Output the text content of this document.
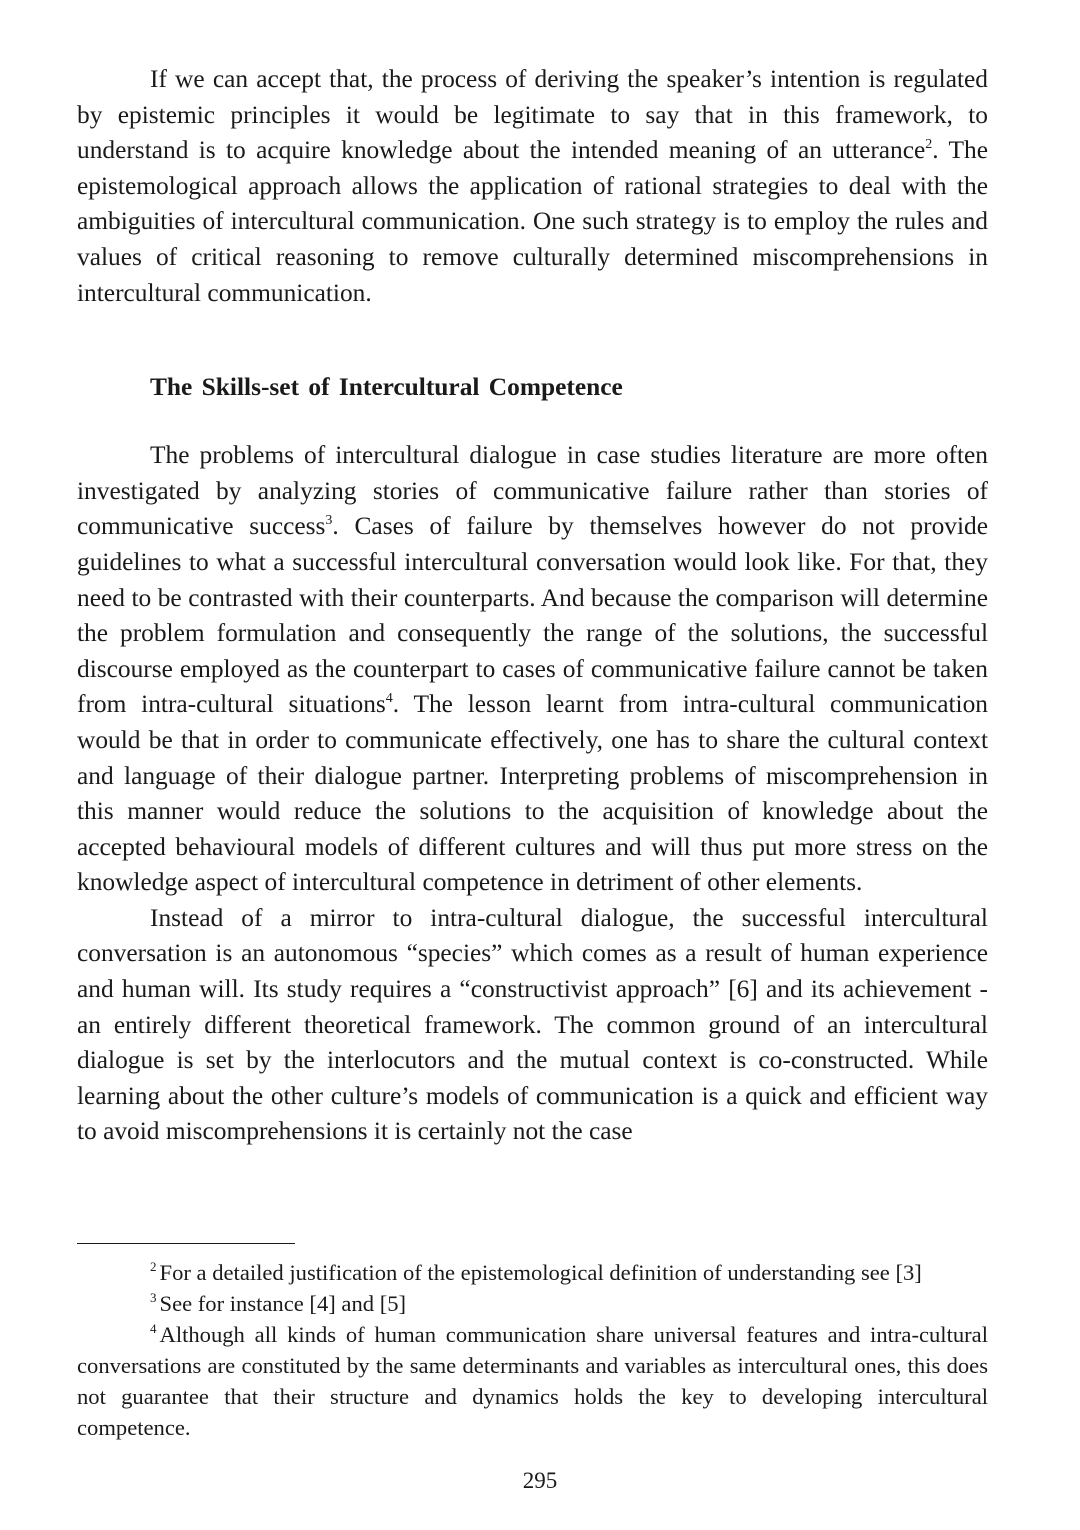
If we can accept that, the process of deriving the speaker’s intention is regulated by epistemic principles it would be legitimate to say that in this framework, to understand is to acquire knowledge about the intended meaning of an utterance$^2$. The epistemological approach allows the application of rational strategies to deal with the ambiguities of intercultural communication. One such strategy is to employ the rules and values of critical reasoning to remove culturally determined miscomprehensions in intercultural communication.

The Skills-set of Intercultural Competence

The problems of intercultural dialogue in case studies literature are more often investigated by analyzing stories of communicative failure rather than stories of communicative success$^3$. Cases of failure by themselves however do not provide guidelines to what a successful intercultural conversation would look like. For that, they need to be contrasted with their counterparts. And because the comparison will determine the problem formulation and consequently the range of the solutions, the successful discourse employed as the counterpart to cases of communicative failure cannot be taken from intra-cultural situations$^4$. The lesson learnt from intra-cultural communication would be that in order to communicate effectively, one has to share the cultural context and language of their dialogue partner. Interpreting problems of miscomprehension in this manner would reduce the solutions to the acquisition of knowledge about the accepted behavioural models of different cultures and will thus put more stress on the knowledge aspect of intercultural competence in detriment of other elements.

Instead of a mirror to intra-cultural dialogue, the successful intercultural conversation is an autonomous “species” which comes as a result of human experience and human will. Its study requires a “constructivist approach” [6] and its achievement - an entirely different theoretical framework. The common ground of an intercultural dialogue is set by the interlocutors and the mutual context is co-constructed. While learning about the other culture’s models of communication is a quick and efficient way to avoid miscomprehensions it is certainly not the case

$^2$ For a detailed justification of the epistemological definition of understanding see [3]

$^3$ See for instance [4] and [5]

$^4$ Although all kinds of human communication share universal features and intra-cultural conversations are constituted by the same determinants and variables as intercultural ones, this does not guarantee that their structure and dynamics holds the key to developing intercultural competence.

295
